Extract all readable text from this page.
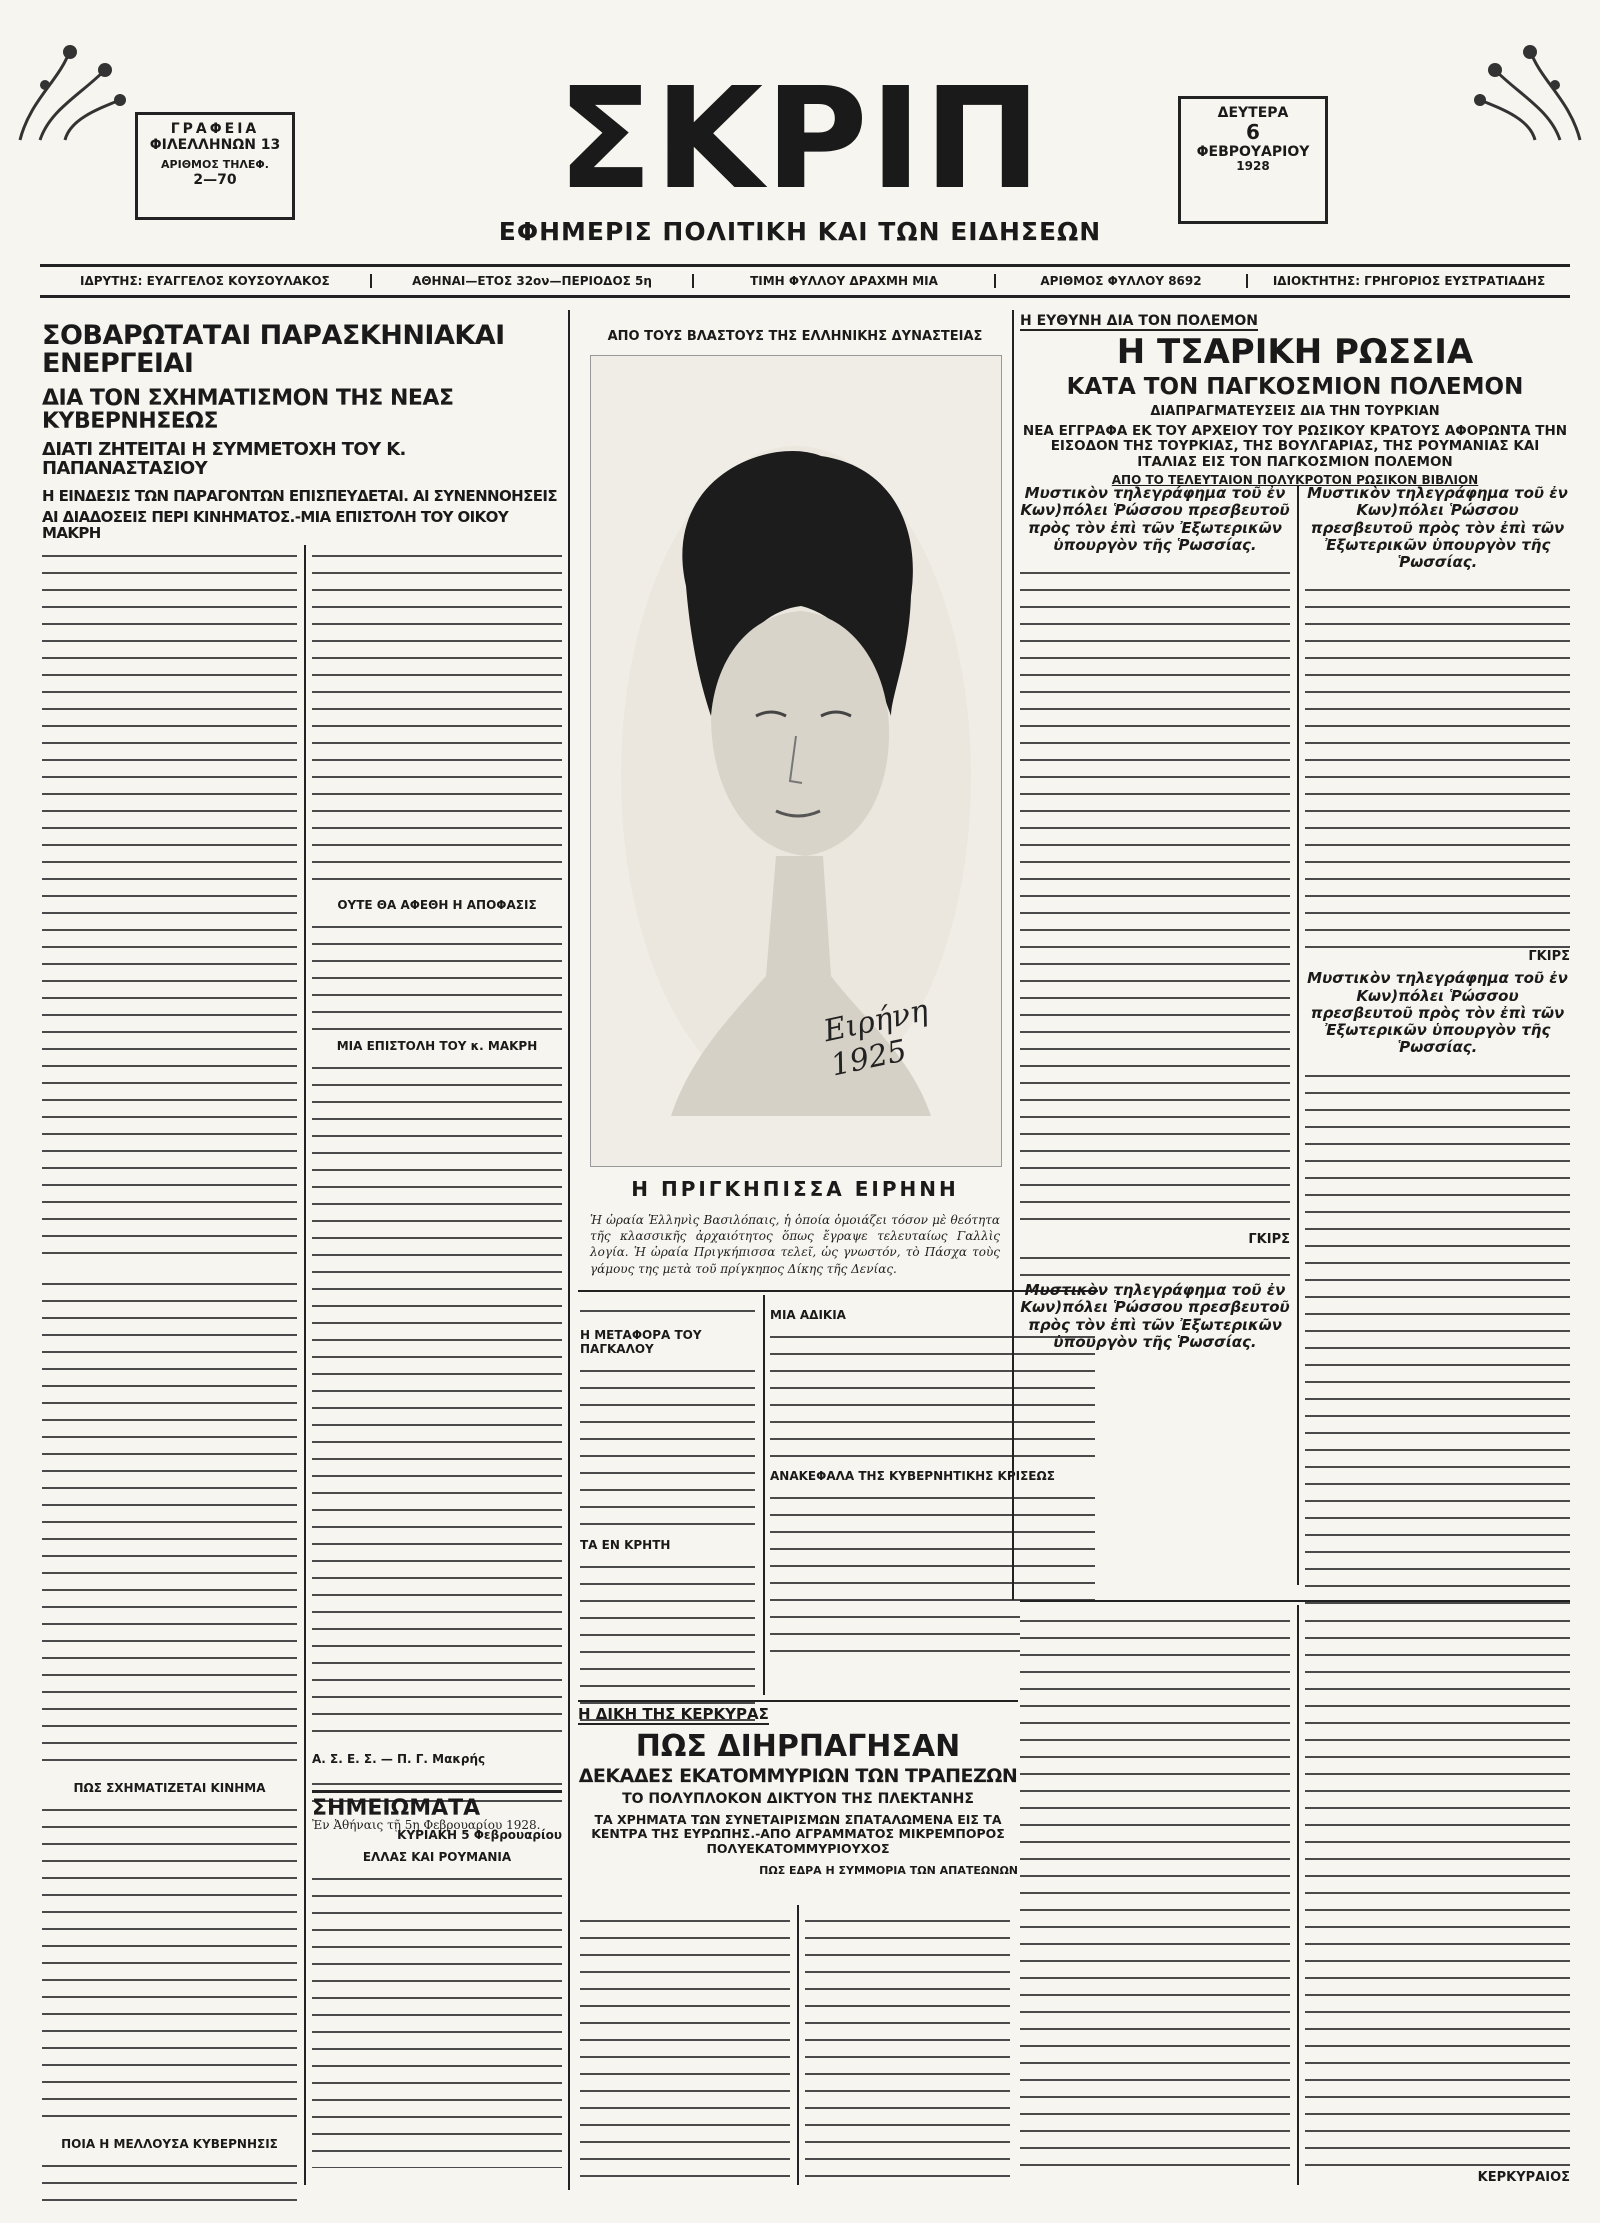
ΓΡΑΦΕΙΑ
ΦΙΛΕΛΛΗΝΩΝ 13
ΑΡΙΘΜΟΣ ΤΗΛΕΦ.
2—70
ΔΕΥΤΕΡΑ
6
ΦΕΒΡΟΥΑΡΙΟΥ
1928
ΣΚΡΙΠ
ΕΦΗΜΕΡΙΣ ΠΟΛΙΤΙΚΗ ΚΑΙ ΤΩΝ ΕΙΔΗΣΕΩΝ
ΙΔΡΥΤΗΣ: ΕΥΑΓΓΕΛΟΣ ΚΟΥΣΟΥΛΑΚΟΣ	ΑΘΗΝΑΙ—ΕΤΟΣ 32ον—ΠΕΡΙΟΔΟΣ 5η	ΤΙΜΗ ΦΥΛΛΟΥ ΔΡΑΧΜΗ ΜΙΑ	ΑΡΙΘΜΟΣ ΦΥΛΛΟΥ 8692	ΙΔΙΟΚΤΗΤΗΣ: ΓΡΗΓΟΡΙΟΣ ΕΥΣΤΡΑΤΙΑΔΗΣ
ΣΟΒΑΡΩΤΑΤΑΙ ΠΑΡΑΣΚΗΝΙΑΚΑΙ ΕΝΕΡΓΕΙΑΙ
ΔΙΑ ΤΟΝ ΣΧΗΜΑΤΙΣΜΟΝ ΤΗΣ ΝΕΑΣ ΚΥΒΕΡΝΗΣΕΩΣ
ΔΙΑΤΙ ΖΗΤΕΙΤΑΙ Η ΣΥΜΜΕΤΟΧΗ ΤΟΥ Κ. ΠΑΠΑΝΑΣΤΑΣΙΟΥ
Η ΕΙΝΔΕΣΙΣ ΤΩΝ ΠΑΡΑΓΟΝΤΩΝ ΕΠΙΣΠΕΥΔΕΤΑΙ. ΑΙ ΣΥΝΕΝΝΟΗΣΕΙΣ
ΑΙ ΔΙΑΔΟΣΕΙΣ ΠΕΡΙ ΚΙΝΗΜΑΤΟΣ.-ΜΙΑ ΕΠΙΣΤΟΛΗ ΤΟΥ ΟΙΚΟΥ ΜΑΚΡΗ
ΠΩΣ ΣΧΗΜΑΤΙΖΕΤΑΙ ΚΙΝΗΜΑ
ΠΟΙΑ Η ΜΕΛΛΟΥΣΑ ΚΥΒΕΡΝΗΣΙΣ
ΟΥΤΕ ΘΑ ΑΦΕΘΗ Η ΑΠΟΦΑΣΙΣ
ΜΙΑ ΕΠΙΣΤΟΛΗ ΤΟΥ κ. ΜΑΚΡΗ
Α. Σ. Ε. Σ. — Π. Γ. Μακρής
Ἐν Ἀθήναις τῇ 5ῃ Φεβρουαρίου 1928.
ΣΗΜΕΙΩΜΑΤΑ
ΚΥΡΙΑΚΗ 5 Φεβρουαρίου
ΕΛΛΑΣ ΚΑΙ ΡΟΥΜΑΝΙΑ
ΑΠΟ ΤΟΥΣ ΒΛΑΣΤΟΥΣ ΤΗΣ ΕΛΛΗΝΙΚΗΣ ΔΥΝΑΣΤΕΙΑΣ
Ειρήνη 1925
Η ΠΡΙΓΚΗΠΙΣΣΑ ΕΙΡΗΝΗ
Ἡ ὡραία Ἑλληνὶς Βασιλόπαις, ἡ ὁποία ὁμοιάζει τόσον μὲ θεότητα τῆς κλασσικῆς ἀρχαιότητος ὅπως ἔγραψε τελευταίως Γαλλὶς λογία. Ἡ ὡραία Πριγκήπισσα τελεῖ, ὡς γνωστόν, τὸ Πάσχα τοὺς γάμους της μετὰ τοῦ πρίγκηπος Δίκης τῆς Δενίας.
Η ΜΕΤΑΦΟΡΑ ΤΟΥ ΠΑΓΚΑΛΟΥ
ΤΑ ΕΝ ΚΡΗΤΗ
ΜΙΑ ΑΔΙΚΙΑ
ΑΝΑΚΕΦΑΛΑ ΤΗΣ ΚΥΒΕΡΝΗΤΙΚΗΣ ΚΡΙΣΕΩΣ
Η ΕΥΘΥΝΗ ΔΙΑ ΤΟΝ ΠΟΛΕΜΟΝ
Η ΤΣΑΡΙΚΗ ΡΩΣΣΙΑ
ΚΑΤΑ ΤΟΝ ΠΑΓΚΟΣΜΙΟΝ ΠΟΛΕΜΟΝ
ΔΙΑΠΡΑΓΜΑΤΕΥΣΕΙΣ ΔΙΑ ΤΗΝ ΤΟΥΡΚΙΑΝ
ΝΕΑ ΕΓΓΡΑΦΑ ΕΚ ΤΟΥ ΑΡΧΕΙΟΥ ΤΟΥ ΡΩΣΙΚΟΥ ΚΡΑΤΟΥΣ ΑΦΟΡΩΝΤΑ ΤΗΝ ΕΙΣΟΔΟΝ ΤΗΣ ΤΟΥΡΚΙΑΣ, ΤΗΣ ΒΟΥΛΓΑΡΙΑΣ, ΤΗΣ ΡΟΥΜΑΝΙΑΣ ΚΑΙ ΙΤΑΛΙΑΣ ΕΙΣ ΤΟΝ ΠΑΓΚΟΣΜΙΟΝ ΠΟΛΕΜΟΝ
ΑΠΟ ΤΟ ΤΕΛΕΥΤΑΙΟΝ ΠΟΛΥΚΡΟΤΟΝ ΡΩΣΙΚΟΝ ΒΙΒΛΙΟΝ
Μυστικὸν τηλεγράφημα τοῦ ἐν Κων)πόλει Ῥώσσου πρεσβευτοῦ πρὸς τὸν ἐπὶ τῶν Ἐξωτερικῶν ὑπουργὸν τῆς Ῥωσσίας.
ΓΚΙΡΣ
Μυστικὸν τηλεγράφημα τοῦ ἐν Κων)πόλει Ῥώσσου πρεσβευτοῦ πρὸς τὸν ἐπὶ τῶν Ἐξωτερικῶν ὑπουργὸν τῆς Ῥωσσίας.
Μυστικὸν τηλεγράφημα τοῦ ἐν Κων)πόλει Ῥώσσου πρεσβευτοῦ πρὸς τὸν ἐπὶ τῶν Ἐξωτερικῶν ὑπουργὸν τῆς Ῥωσσίας.
ΓΚΙΡΣ
Μυστικὸν τηλεγράφημα τοῦ ἐν Κων)πόλει Ῥώσσου πρεσβευτοῦ πρὸς τὸν ἐπὶ τῶν Ἐξωτερικῶν ὑπουργὸν τῆς Ῥωσσίας.
ΚΕΡΚΥΡΑΙΟΣ
Η ΔΙΚΗ ΤΗΣ ΚΕΡΚΥΡΑΣ
ΠΩΣ ΔΙΗΡΠΑΓΗΣΑΝ
ΔΕΚΑΔΕΣ ΕΚΑΤΟΜΜΥΡΙΩΝ ΤΩΝ ΤΡΑΠΕΖΩΝ
ΤΟ ΠΟΛΥΠΛΟΚΟΝ ΔΙΚΤΥΟΝ ΤΗΣ ΠΛΕΚΤΑΝΗΣ
ΤΑ ΧΡΗΜΑΤΑ ΤΩΝ ΣΥΝΕΤΑΙΡΙΣΜΩΝ ΣΠΑΤΑΛΩΜΕΝΑ ΕΙΣ ΤΑ ΚΕΝΤΡΑ ΤΗΣ ΕΥΡΩΠΗΣ.-ΑΠΟ ΑΓΡΑΜΜΑΤΟΣ ΜΙΚΡΕΜΠΟΡΟΣ ΠΟΛΥΕΚΑΤΟΜΜΥΡΙΟΥΧΟΣ
ΠΩΣ ΕΔΡΑ Η ΣΥΜΜΟΡΙΑ ΤΩΝ ΑΠΑΤΕΩΝΩΝ
